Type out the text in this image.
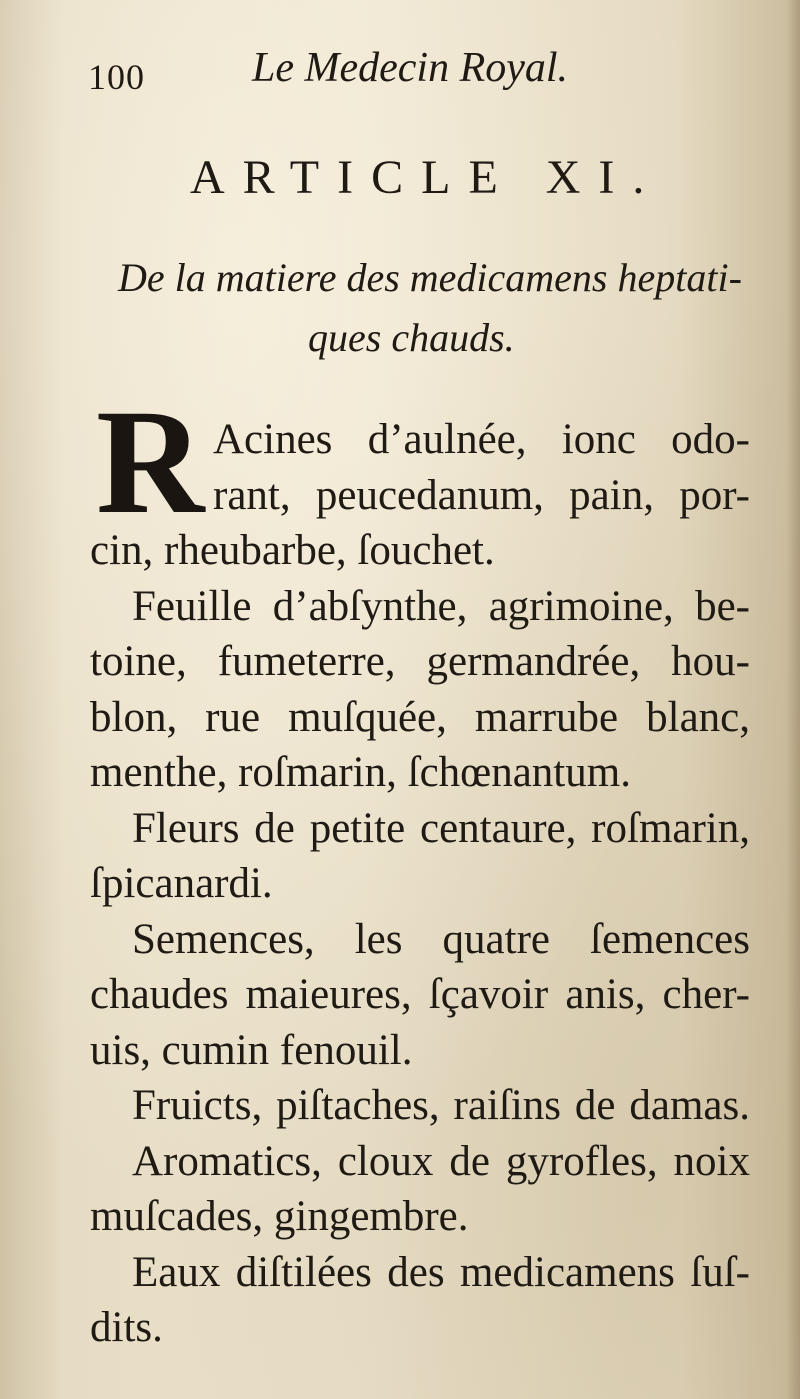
100	Le Medecin Royal.
ARTICLE XI.
De la matiere des medicamens heptati-
ques chauds.
R Acines d’aulnée, ionc odo-
rant, peucedanum, pain, por-
cin, rheubarbe, ſouchet.
Feuille d’abſynthe, agrimoine, be-
toine, fumeterre, germandrée, hou-
blon, rue muſquée, marrube blanc,
menthe, roſmarin, ſchœnantum.
Fleurs de petite centaure, roſmarin,
ſpicanardi.
Semences, les quatre ſemences
chaudes maieures, ſçavoir anis, cher-
uis, cumin fenouil.
Fruicts, piſtaches, raiſins de damas.
Aromatics, cloux de gyrofles, noix
muſcades, gingembre.
Eaux diſtilées des medicamens ſuſ-
dits.
